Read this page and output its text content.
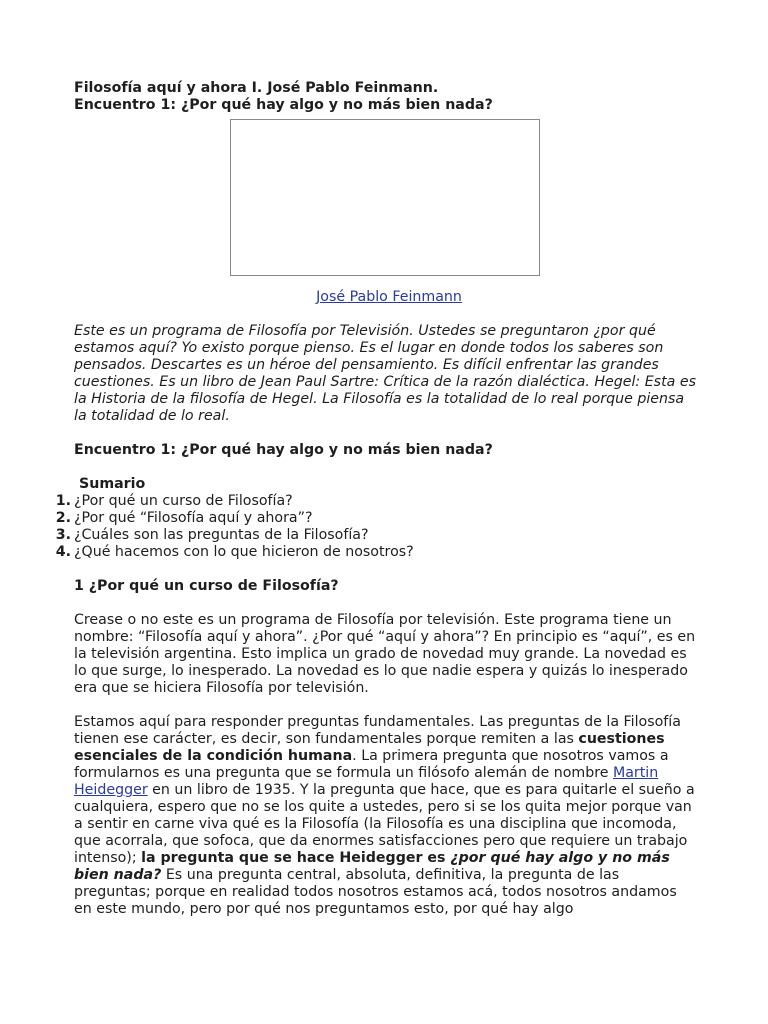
Filosofía aquí y ahora I. José Pablo Feinmann.

Encuentro 1: ¿Por qué hay algo y no más bien nada?

José Pablo Feinmann

Este es un programa de Filosofía por Televisión. Ustedes se preguntaron ¿por qué estamos aquí? Yo existo porque pienso. Es el lugar en donde todos los saberes son pensados. Descartes es un héroe del pensamiento. Es difícil enfrentar las grandes cuestiones. Es un libro de Jean Paul Sartre: Crítica de la razón dialéctica. Hegel: Esta es la Historia de la filosofía de Hegel. La Filosofía es la totalidad de lo real porque piensa la totalidad de lo real.

Encuentro 1: ¿Por qué hay algo y no más bien nada?

Sumario

1. ¿Por qué un curso de Filosofía?
2. ¿Por qué “Filosofía aquí y ahora”?
3. ¿Cuáles son las preguntas de la Filosofía?
4. ¿Qué hacemos con lo que hicieron de nosotros?

1 ¿Por qué un curso de Filosofía?

Crease o no este es un programa de Filosofía por televisión. Este programa tiene un nombre: “Filosofía aquí y ahora”. ¿Por qué “aquí y ahora”? En principio es “aquí”, es en la televisión argentina. Esto implica un grado de novedad muy grande. La novedad es lo que surge, lo inesperado. La novedad es lo que nadie espera y quizás lo inesperado era que se hiciera Filosofía por televisión.

Estamos aquí para responder preguntas fundamentales. Las preguntas de la Filosofía tienen ese carácter, es decir, son fundamentales porque remiten a las cuestiones esenciales de la condición humana. La primera pregunta que nosotros vamos a formularnos es una pregunta que se formula un filósofo alemán de nombre Martin Heidegger en un libro de 1935. Y la pregunta que hace, que es para quitarle el sueño a cualquiera, espero que no se los quite a ustedes, pero si se los quita mejor porque van a sentir en carne viva qué es la Filosofía (la Filosofía es una disciplina que incomoda, que acorrala, que sofoca, que da enormes satisfacciones pero que requiere un trabajo intenso); la pregunta que se hace Heidegger es ¿por qué hay algo y no más bien nada? Es una pregunta central, absoluta, definitiva, la pregunta de las preguntas; porque en realidad todos nosotros estamos acá, todos nosotros andamos en este mundo, pero por qué nos preguntamos esto, por qué hay algo
